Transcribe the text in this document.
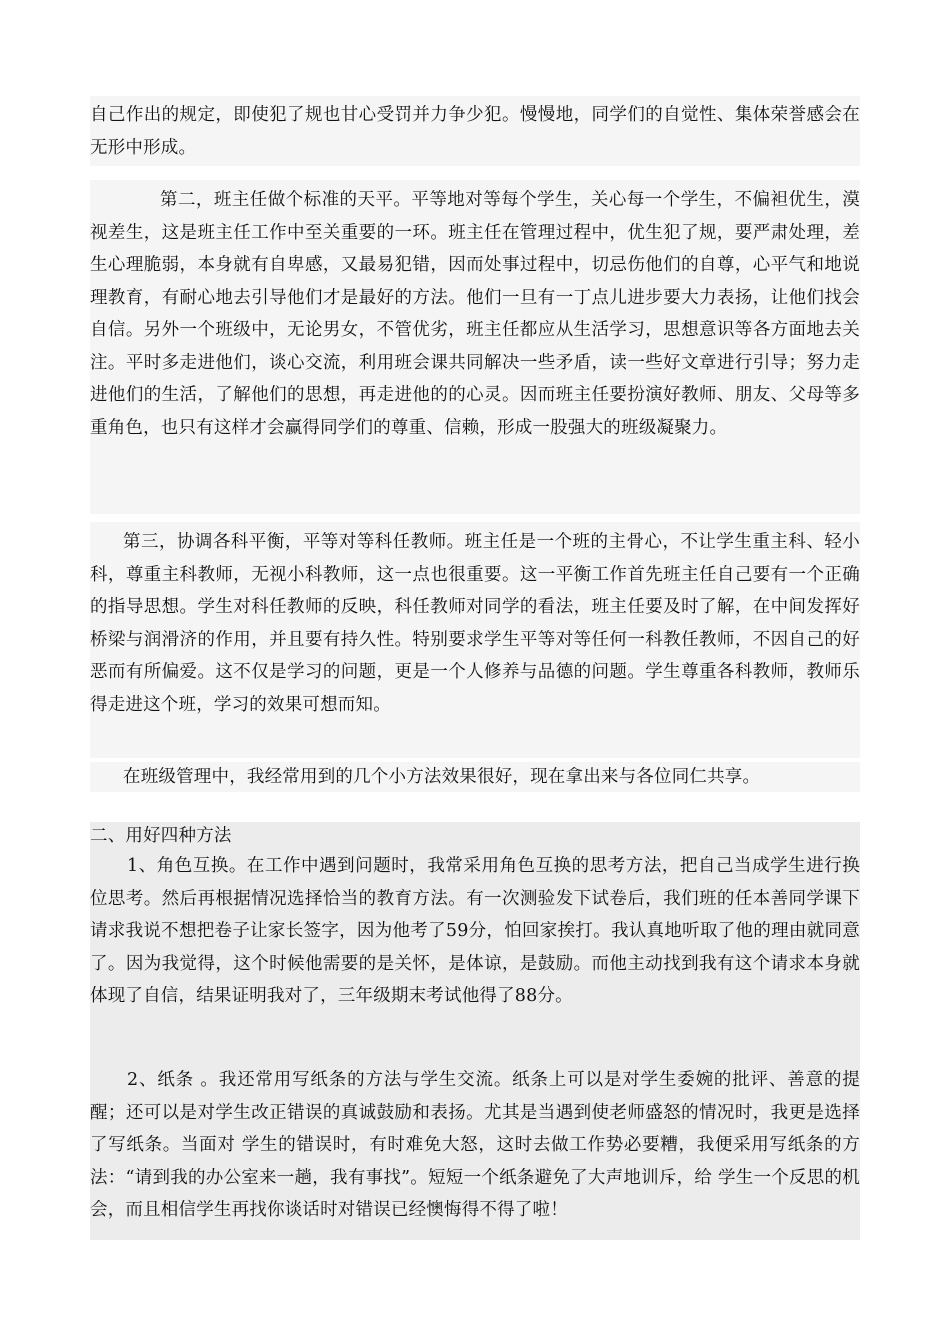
自己作出的规定，即使犯了规也甘心受罚并力争少犯。慢慢地，同学们的自觉性、集体荣誉感会在无形中形成。

第二，班主任做个标准的天平。平等地对等每个学生，关心每一个学生，不偏袒优生，漠视差生，这是班主任工作中至关重要的一环。班主任在管理过程中，优生犯了规，要严肃处理，差生心理脆弱，本身就有自卑感，又最易犯错，因而处事过程中，切忌伤他们的自尊，心平气和地说理教育，有耐心地去引导他们才是最好的方法。他们一旦有一丁点儿进步要大力表扬，让他们找会自信。另外一个班级中，无论男女，不管优劣，班主任都应从生活学习，思想意识等各方面地去关注。平时多走进他们，谈心交流，利用班会课共同解决一些矛盾，读一些好文章进行引导；努力走进他们的生活，了解他们的思想，再走进他的的心灵。因而班主任要扮演好教师、朋友、父母等多重角色，也只有这样才会赢得同学们的尊重、信赖，形成一股强大的班级凝聚力。

第三，协调各科平衡，平等对等科任教师。班主任是一个班的主骨心，不让学生重主科、轻小科，尊重主科教师，无视小科教师，这一点也很重要。这一平衡工作首先班主任自己要有一个正确的指导思想。学生对科任教师的反映，科任教师对同学的看法，班主任要及时了解，在中间发挥好桥梁与润滑济的作用，并且要有持久性。特别要求学生平等对等任何一科教任教师，不因自己的好恶而有所偏爱。这不仅是学习的问题，更是一个人修养与品德的问题。学生尊重各科教师，教师乐得走进这个班，学习的效果可想而知。

在班级管理中，我经常用到的几个小方法效果很好，现在拿出来与各位同仁共享。

二、用好四种方法

1、角色互换。在工作中遇到问题时，我常采用角色互换的思考方法，把自己当成学生进行换位思考。然后再根据情况选择恰当的教育方法。有一次测验发下试卷后，我们班的任本善同学课下请求我说不想把卷子让家长签字，因为他考了59分，怕回家挨打。我认真地听取了他的理由就同意了。因为我觉得，这个时候他需要的是关怀，是体谅，是鼓励。而他主动找到我有这个请求本身就体现了自信，结果证明我对了，三年级期末考试他得了88分。

2、纸条 。我还常用写纸条的方法与学生交流。纸条上可以是对学生委婉的批评、善意的提醒；还可以是对学生改正错误的真诚鼓励和表扬。尤其是当遇到使老师盛怒的情况时，我更是选择了写纸条。当面对 学生的错误时，有时难免大怒，这时去做工作势必要糟，我便采用写纸条的方法：“请到我的办公室来一趟，我有事找”。短短一个纸条避免了大声地训斥，给 学生一个反思的机会，而且相信学生再找你谈话时对错误已经懊悔得不得了啦！
